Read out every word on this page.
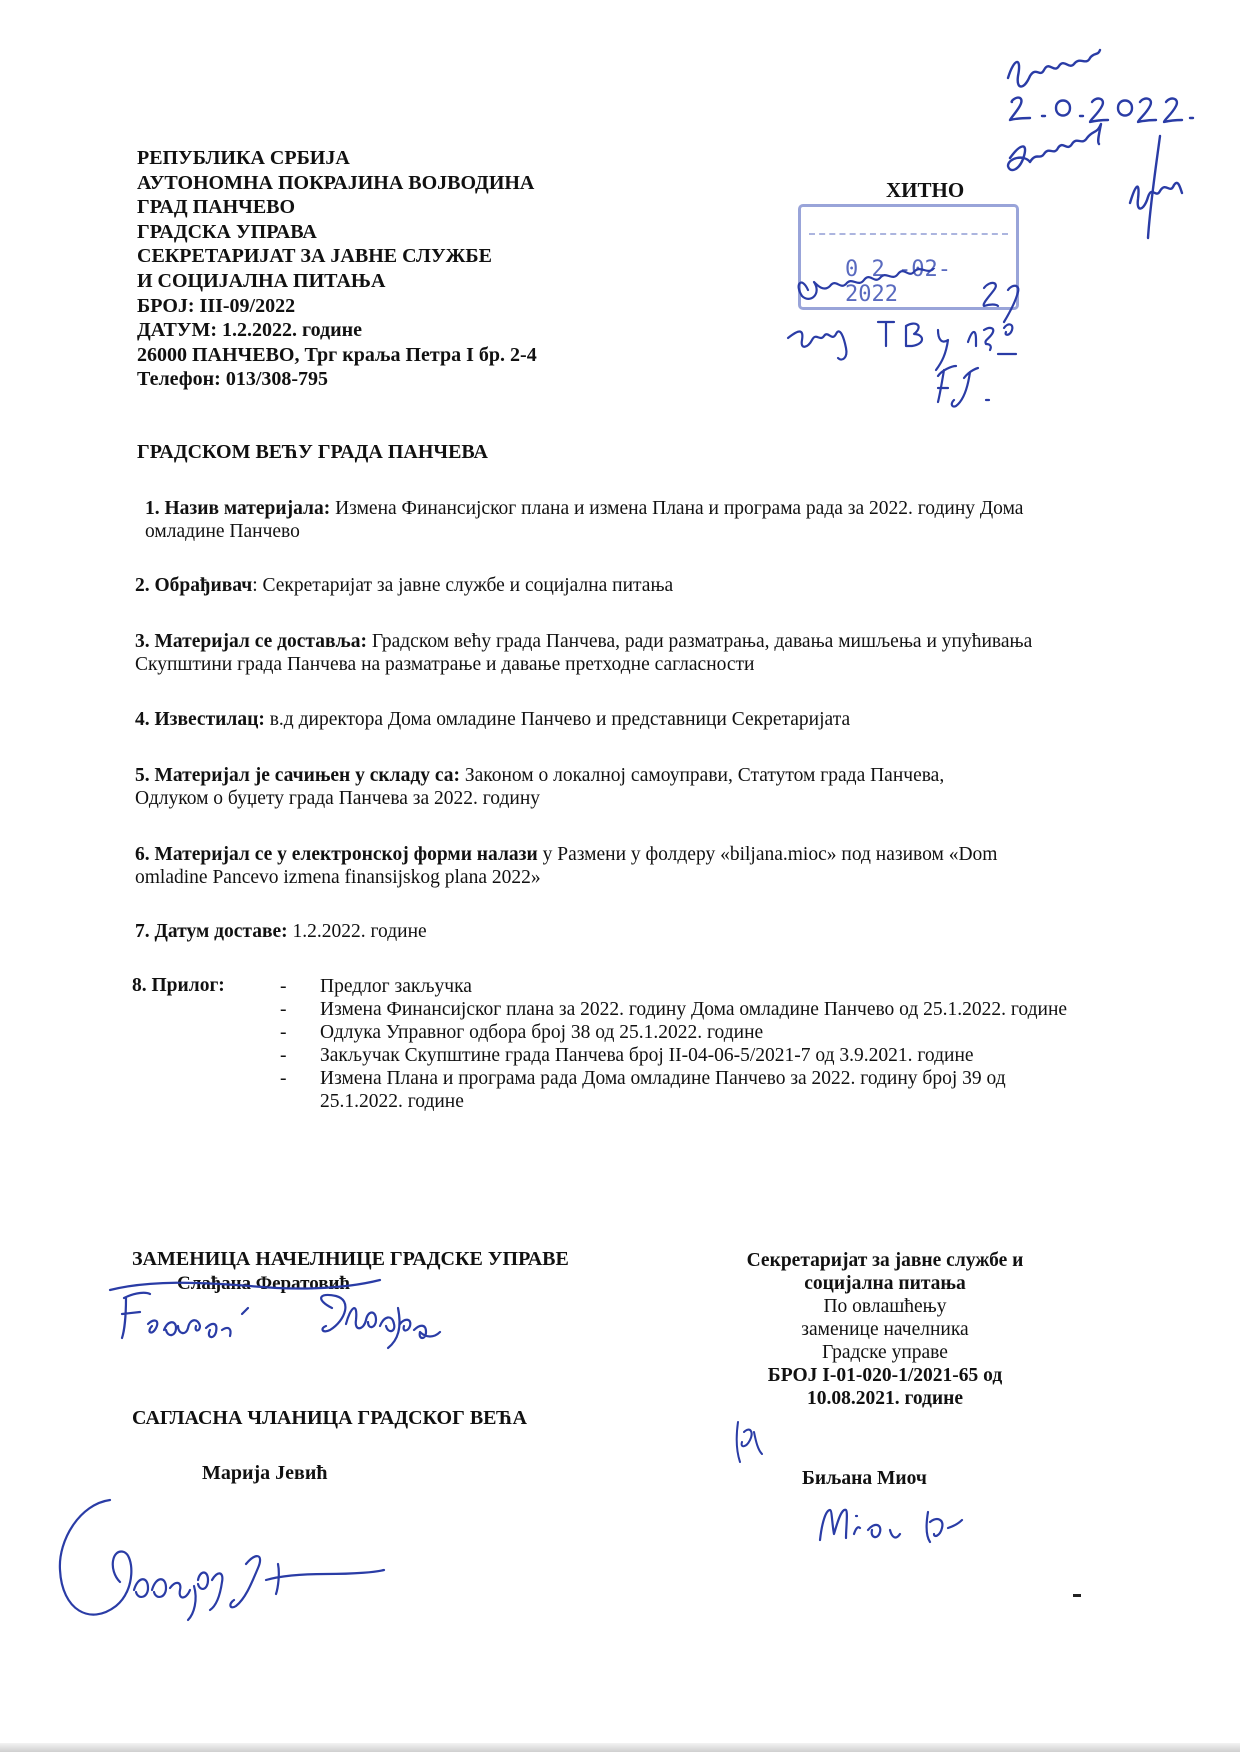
РЕПУБЛИКА СРБИЈА
АУТОНОМНА ПОКРАЈИНА ВОЈВОДИНА
ГРАД ПАНЧЕВО
ГРАДСКА УПРАВА
СЕКРЕТАРИЈАТ ЗА ЈАВНЕ СЛУЖБЕ
И СОЦИЈАЛНА ПИТАЊА
БРОЈ: III-09/2022
ДАТУМ: 1.2.2022. године
26000 ПАНЧЕВО, Трг краља Петра I бр. 2-4
Телефон: 013/308-795
ХИТНО
0 2 -02- 2022
ГРАДСКОМ ВЕЋУ ГРАДА ПАНЧЕВА
1. Назив материјала: Измена Финансијског плана и измена Плана и програма рада за 2022. годину Дома омладине Панчево
2. Обрађивач: Секретаријат за јавне службе и социјална питања
3. Материјал се доставља: Градском већу града Панчева, ради разматрања, давања мишљења и упућивања Скупштини града Панчева на разматрање и давање претходне сагласности
4. Известилац: в.д директора Дома омладине Панчево и представници Секретаријата
5. Материјал је сачињен у складу са: Законом о локалној самоуправи, Статутом града Панчева, Одлуком о буџету града Панчева за 2022. годину
6. Материјал се у електронској форми налази у Размени у фолдеру «biljana.mioc» под називом «Dom omladine Pancevo izmena finansijskog plana 2022»
7. Датум доставе: 1.2.2022. године
8. Прилог:	- Предлог закључка
- Измена Финансијског плана за 2022. годину Дома омладине Панчево од 25.1.2022. године
- Одлука Управног одбора број 38 од 25.1.2022. године
- Закључак Скупштине града Панчева број II-04-06-5/2021-7 од 3.9.2021. године
- Измена Плана и програма рада Дома омладине Панчево за 2022. годину број 39 од 25.1.2022. године
ЗАМЕНИЦА НАЧЕЛНИЦЕ ГРАДСКЕ УПРАВЕ
Слађана Фератовић
САГЛАСНА ЧЛАНИЦА ГРАДСКОГ ВЕЋА
Марија Јевић
Секретаријат за јавне службе и
социјална питања
По овлашћењу
заменице начелника
Градске управе
БРОЈ I-01-020-1/2021-65 од
10.08.2021. године
Биљана Миоч
